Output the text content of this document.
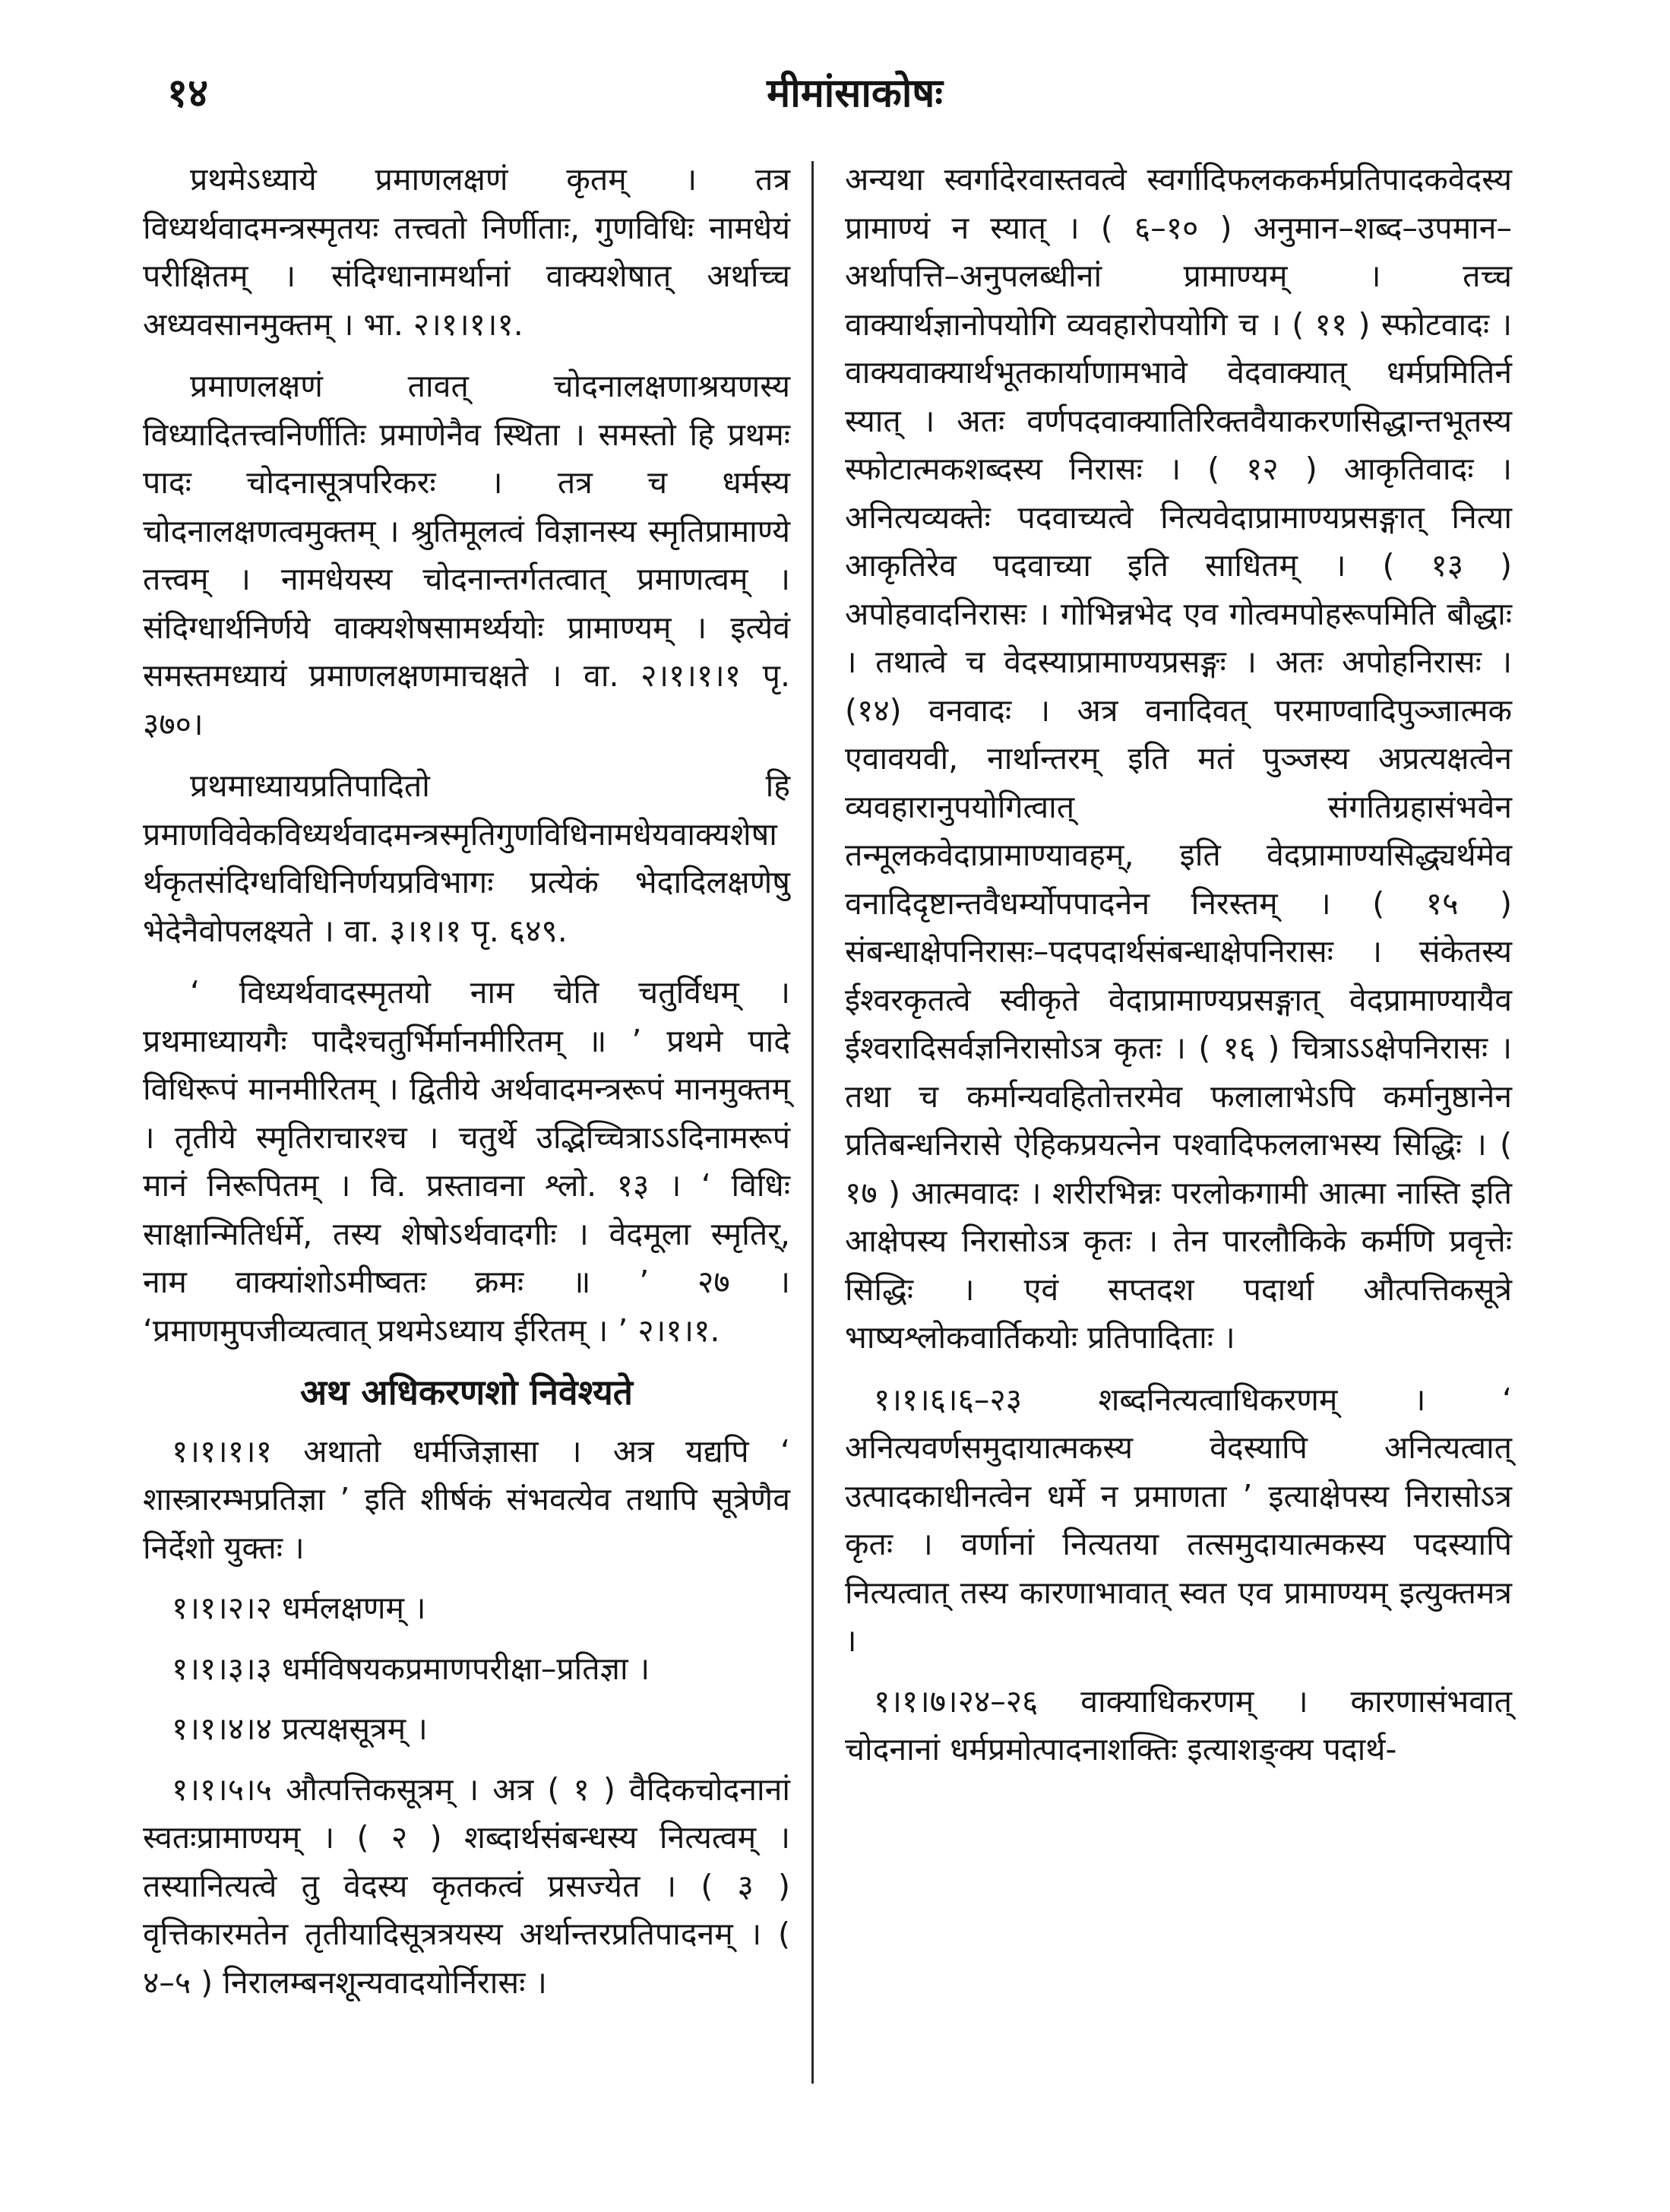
१४	मीमांसाकोषः

प्रथमेऽध्याये प्रमाणलक्षणं कृतम् । तत्र विध्यर्थवादमन्त्रस्मृतयः तत्त्वतो निर्णीताः, गुणविधिः नामधेयं परीक्षितम् । संदिग्धानामर्थानां वाक्यशेषात् अर्थाच्च अध्यवसानमुक्तम् । भा. २।१।१।१.

प्रमाणलक्षणं तावत् चोदनालक्षणाश्रयणस्य विध्यादितत्त्वनिर्णीतिः प्रमाणेनैव स्थिता । समस्तो हि प्रथमः पादः चोदनासूत्रपरिकरः । तत्र च धर्मस्य चोदनालक्षणत्वमुक्तम् । श्रुतिमूलत्वं विज्ञानस्य स्मृतिप्रामाण्ये तत्त्वम् । नामधेयस्य चोदनान्तर्गतत्वात् प्रमाणत्वम् । संदिग्धार्थनिर्णये वाक्यशेषसामर्थ्ययोः प्रामाण्यम् । इत्येवं समस्तमध्यायं प्रमाणलक्षणमाचक्षते । वा. २।१।१।१ पृ. ३७०।

प्रथमाध्यायप्रतिपादितो हि प्रमाणविवेकविध्यर्थवादमन्त्रस्मृतिगुणविधिनामधेयवाक्यशेषार्थकृतसंदिग्धविधिनिर्णयप्रविभागः प्रत्येकं भेदादिलक्षणेषु भेदेनैवोपलक्ष्यते । वा. ३।१।१ पृ. ६४९.

‘ विध्यर्थवादस्मृतयो नाम चेति चतुर्विधम् । प्रथमाध्यायगैः पादैश्चतुर्भिर्मानमीरितम् ॥ ’ प्रथमे पादे विधिरूपं मानमीरितम् । द्वितीये अर्थवादमन्त्ररूपं मानमुक्तम् । तृतीये स्मृतिराचारश्च । चतुर्थे उद्भिच्चित्राऽऽदिनामरूपं मानं निरूपितम् । वि. प्रस्तावना श्लो. १३ । ‘ विधिः साक्षान्मितिर्धर्मे, तस्य शेषोऽर्थवादगीः । वेदमूला स्मृतिर्, नाम वाक्यांशोऽमीष्वतः क्रमः ॥ ’ २७ । ‘प्रमाणमुपजीव्यत्वात् प्रथमेऽध्याय ईरितम् । ’ २।१।१.

अथ अधिकरणशो निवेश्यते

१।१।१।१ अथातो धर्मजिज्ञासा । अत्र यद्यपि ‘ शास्त्रारम्भप्रतिज्ञा ’ इति शीर्षकं संभवत्येव तथापि सूत्रेणैव निर्देशो युक्तः ।

१।१।२।२ धर्मलक्षणम् ।

१।१।३।३ धर्मविषयकप्रमाणपरीक्षा–प्रतिज्ञा ।

१।१।४।४ प्रत्यक्षसूत्रम् ।

१।१।५।५ औत्पत्तिकसूत्रम् । अत्र ( १ ) वैदिकचोदनानां स्वतःप्रामाण्यम् । ( २ ) शब्दार्थसंबन्धस्य नित्यत्वम् । तस्यानित्यत्वे तु वेदस्य कृतकत्वं प्रसज्येत । ( ३ ) वृत्तिकारमतेन तृतीयादिसूत्रत्रयस्य अर्थान्तरप्रतिपादनम् । ( ४–५ ) निरालम्बनशून्यवादयोर्निरासः ।

अन्यथा स्वर्गादेरवास्तवत्वे स्वर्गादिफलककर्मप्रतिपादकवेदस्य प्रामाण्यं न स्यात् । ( ६–१० ) अनुमान–शब्द–उपमान–अर्थापत्ति–अनुपलब्धीनां प्रामाण्यम् । तच्च वाक्यार्थज्ञानोपयोगि व्यवहारोपयोगि च । ( ११ ) स्फोटवादः । वाक्यवाक्यार्थभूतकार्याणामभावे वेदवाक्यात् धर्मप्रमितिर्न स्यात् । अतः वर्णपदवाक्यातिरिक्तवैयाकरणसिद्धान्तभूतस्य स्फोटात्मकशब्दस्य निरासः । ( १२ ) आकृतिवादः । अनित्यव्यक्तेः पदवाच्यत्वे नित्यवेदाप्रामाण्यप्रसङ्गात् नित्या आकृतिरेव पदवाच्या इति साधितम् । ( १३ ) अपोहवादनिरासः । गोभिन्नभेद एव गोत्वमपोहरूपमिति बौद्धाः । तथात्वे च वेदस्याप्रामाण्यप्रसङ्गः । अतः अपोहनिरासः । (१४) वनवादः । अत्र वनादिवत् परमाण्वादिपुञ्जात्मक एवावयवी, नार्थान्तरम् इति मतं पुञ्जस्य अप्रत्यक्षत्वेन व्यवहारानुपयोगित्वात् संगतिग्रहासंभवेन तन्मूलकवेदाप्रामाण्यावहम्, इति वेदप्रामाण्यसिद्ध्यर्थमेव वनादिदृष्टान्तवैधर्म्योपपादनेन निरस्तम् । ( १५ ) संबन्धाक्षेपनिरासः–पदपदार्थसंबन्धाक्षेपनिरासः । संकेतस्य ईश्वरकृतत्वे स्वीकृते वेदाप्रामाण्यप्रसङ्गात् वेदप्रामाण्यायैव ईश्वरादिसर्वज्ञनिरासोऽत्र कृतः । ( १६ ) चित्राऽऽक्षेपनिरासः । तथा च कर्मान्यवहितोत्तरमेव फलालाभेऽपि कर्मानुष्ठानेन प्रतिबन्धनिरासे ऐहिकप्रयत्नेन पश्वादिफललाभस्य सिद्धिः । ( १७ ) आत्मवादः । शरीरभिन्नः परलोकगामी आत्मा नास्ति इति आक्षेपस्य निरासोऽत्र कृतः । तेन पारलौकिके कर्मणि प्रवृत्तेः सिद्धिः । एवं सप्तदश पदार्था औत्पत्तिकसूत्रे भाष्यश्लोकवार्तिकयोः प्रतिपादिताः ।

१।१।६।६–२३ शब्दनित्यत्वाधिकरणम् । ‘ अनित्यवर्णसमुदायात्मकस्य वेदस्यापि अनित्यत्वात् उत्पादकाधीनत्वेन धर्मे न प्रमाणता ’ इत्याक्षेपस्य निरासोऽत्र कृतः । वर्णानां नित्यतया तत्समुदायात्मकस्य पदस्यापि नित्यत्वात् तस्य कारणाभावात् स्वत एव प्रामाण्यम् इत्युक्तमत्र ।

१।१।७।२४–२६ वाक्याधिकरणम् । कारणासंभवात् चोदनानां धर्मप्रमोत्पादनाशक्तिः इत्याशङ्क्य पदार्थ-
